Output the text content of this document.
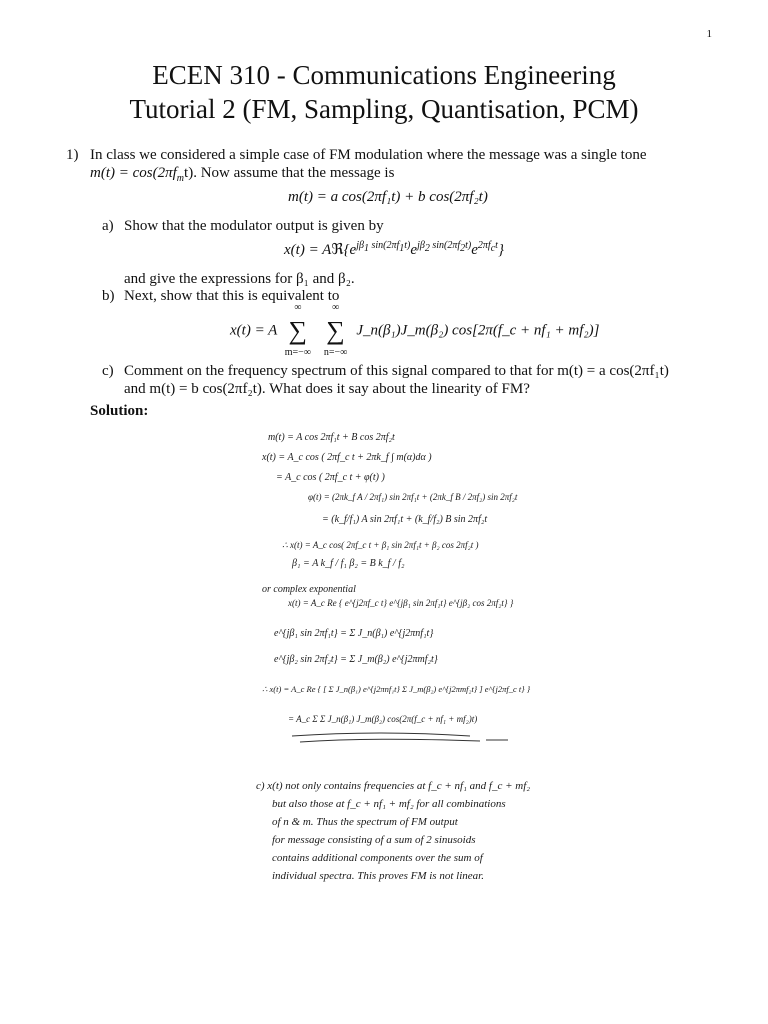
1
ECEN 310 - Communications Engineering
Tutorial 2 (FM, Sampling, Quantisation, PCM)
1) In class we considered a simple case of FM modulation where the message was a single tone
$m(t) = \cos(2\pi f_mt)$. Now assume that the message is
m(t) = a cos(2πf₁t) + b cos(2πf₂t)
a) Show that the modulator output is given by
$x(t) = Aℜ\{e^{j\beta_1 sin(2\pi f_1t)}e^{j\beta_2 sin(2\pi f_2t)}e^{2\pi f_ct}\}$
and give the expressions for β₁ and β₂.
b) Next, show that this is equivalent to
x(t) = A ∑
∞
m=−∞
∑
∞
n=−∞
J_n(β₁)J_m(β₂) cos[2π(f_c + nf₁ + mf₂)]
c) Comment on the frequency spectrum of this signal compared to that for m(t) = a cos(2πf₁t)
and m(t) = b cos(2πf₂t). What does it say about the linearity of FM?
Solution:
m(t) = A cos 2πf₁t + B cos 2πf₂t
x(t) = A_c cos ( 2πf_c t + 2πk_f ∫ m(α)dα )
= A_c cos ( 2πf_c t + φ(t) )
φ(t) = (2πk_f A / 2πf₁) sin 2πf₁t + (2πk_f B / 2πf₂) sin 2πf₂t
= (k_f/f₁) A sin 2πf₁t + (k_f/f₂) B sin 2πf₂t
∴ x(t) = A_c cos( 2πf_c t + β₁ sin 2πf₁t + β₂ cos 2πf₂t )
β₁ = A k_f / f₁ β₂ = B k_f / f₂
or complex exponential
x(t) = A_c Re { e^{j2πf_c t} e^{jβ₁ sin 2πf₁t} e^{jβ₂ cos 2πf₂t} }
e^{jβ₁ sin 2πf₁t} = Σ J_n(β₁) e^{j2πnf₁t}
e^{jβ₂ sin 2πf₂t} = Σ J_m(β₂) e^{j2πmf₂t}
∴ x(t) = A_c Re { [ Σ J_n(β₁) e^{j2πnf₁t} Σ J_m(β₂) e^{j2πmf₂t} ] e^{j2πf_c t} }
= A_c Σ Σ J_n(β₁) J_m(β₂) cos(2π(f_c + nf₁ + mf₂)t)
c) x(t) not only contains frequencies at f_c + nf₁ and f_c + mf₂
but also those at f_c + nf₁ + mf₂ for all combinations
of n & m. Thus the spectrum of FM output
for message consisting of a sum of 2 sinusoids
contains additional components over the sum of
individual spectra. This proves FM is not linear.
